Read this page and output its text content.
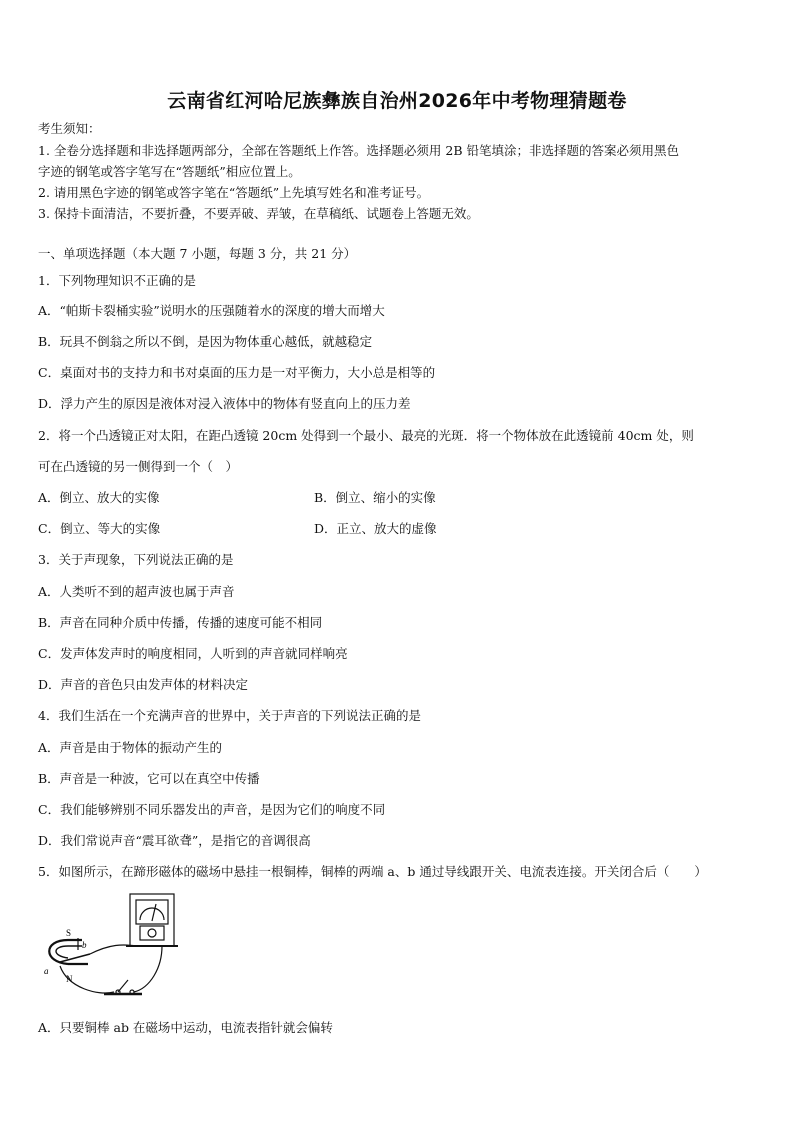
云南省红河哈尼族彝族自治州2026年中考物理猜题卷
考生须知：
1. 全卷分选择题和非选择题两部分，全部在答题纸上作答。选择题必须用 2B 铅笔填涂；非选择题的答案必须用黑色
字迹的钢笔或答字笔写在“答题纸”相应位置上。
2. 请用黑色字迹的钢笔或答字笔在“答题纸”上先填写姓名和准考证号。
3. 保持卡面清洁，不要折叠，不要弄破、弄皱，在草稿纸、试题卷上答题无效。
一、单项选择题（本大题 7 小题，每题 3 分，共 21 分）
1．下列物理知识不正确的是
A．“帕斯卡裂桶实验”说明水的压强随着水的深度的增大而增大
B．玩具不倒翁之所以不倒，是因为物体重心越低，就越稳定
C．桌面对书的支持力和书对桌面的压力是一对平衡力，大小总是相等的
D．浮力产生的原因是液体对浸入液体中的物体有竖直向上的压力差
2．将一个凸透镜正对太阳，在距凸透镜 20cm 处得到一个最小、最亮的光斑．将一个物体放在此透镜前 40cm 处，则
可在凸透镜的另一侧得到一个（　）
A．倒立、放大的实像	B．倒立、缩小的实像
C．倒立、等大的实像	D．正立、放大的虚像
3．关于声现象，下列说法正确的是
A．人类听不到的超声波也属于声音
B．声音在同种介质中传播，传播的速度可能不相同
C．发声体发声时的响度相同，人听到的声音就同样响亮
D．声音的音色只由发声体的材料决定
4．我们生活在一个充满声音的世界中，关于声音的下列说法正确的是
A．声音是由于物体的振动产生的
B．声音是一种波，它可以在真空中传播
C．我们能够辨别不同乐器发出的声音，是因为它们的响度不同
D．我们常说声音“震耳欲聋”，是指它的音调很高
5．如图所示，在蹄形磁体的磁场中悬挂一根铜棒，铜棒的两端 a、b 通过导线跟开关、电流表连接。开关闭合后（　　）
S
b
a
N
A．只要铜棒 ab 在磁场中运动，电流表指针就会偏转
